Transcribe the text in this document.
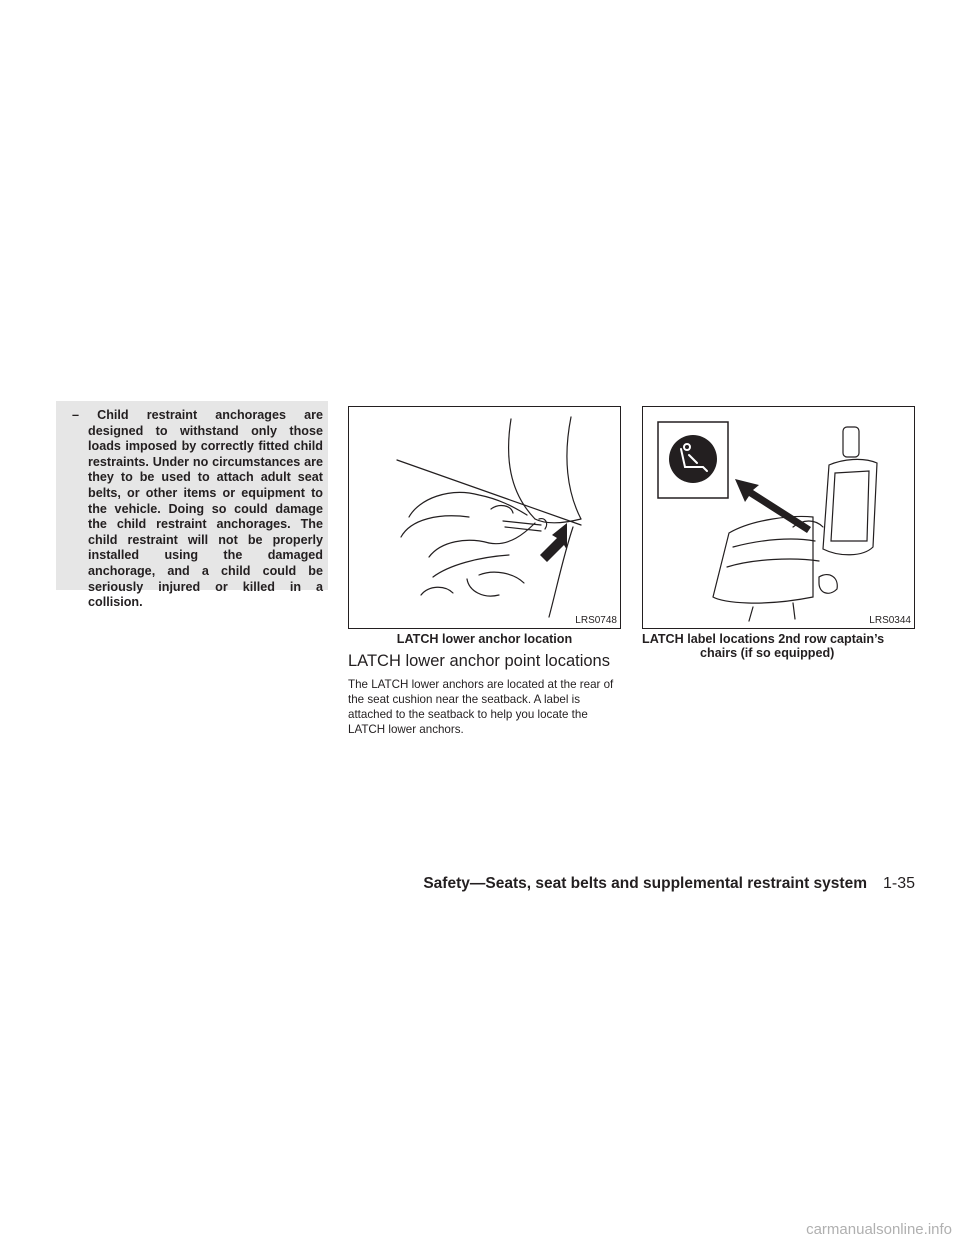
– Child restraint anchorages are designed to withstand only those loads imposed by correctly fitted child restraints. Under no circumstances are they to be used to attach adult seat belts, or other items or equipment to the vehicle. Doing so could damage the child restraint anchorages. The child restraint will not be properly installed using the damaged anchorage, and a child could be seriously injured or killed in a collision.

LRS0748	LRS0344

LATCH lower anchor location	LATCH label locations 2nd row captain’s
chairs (if so equipped)

LATCH lower anchor point locations

The LATCH lower anchors are located at the rear of the seat cushion near the seatback. A label is attached to the seatback to help you locate the LATCH lower anchors.

Safety—Seats, seat belts and supplemental restraint system 1-35
carmanualsonline.info
